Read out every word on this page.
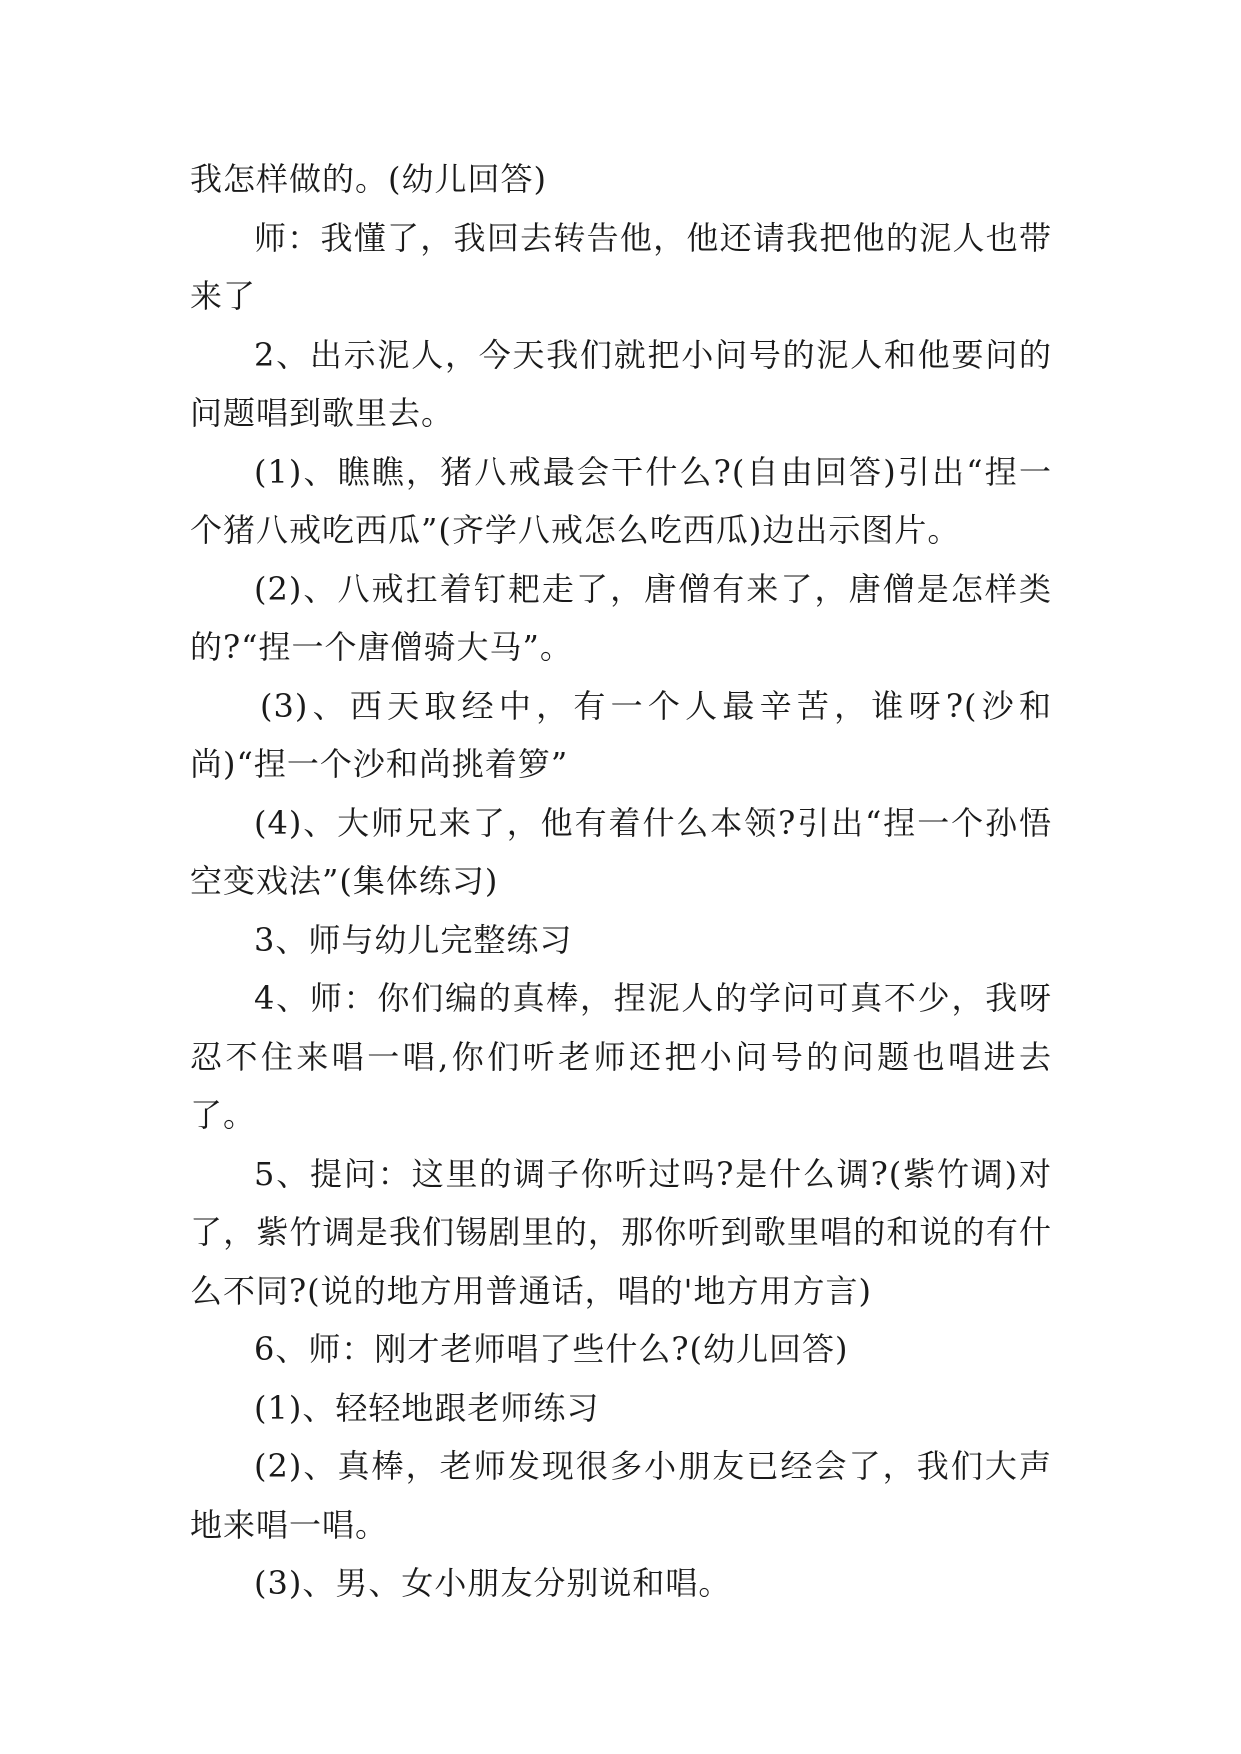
我怎样做的。(幼儿回答)

师：我懂了，我回去转告他，他还请我把他的泥人也带来了

2、出示泥人，今天我们就把小问号的泥人和他要问的问题唱到歌里去。

(1)、瞧瞧，猪八戒最会干什么?(自由回答)引出“捏一个猪八戒吃西瓜”(齐学八戒怎么吃西瓜)边出示图片。

(2)、八戒扛着钉耙走了，唐僧有来了，唐僧是怎样类的?“捏一个唐僧骑大马”。

(3)、西天取经中，有一个人最辛苦，谁呀?(沙和尚)“捏一个沙和尚挑着箩”

(4)、大师兄来了，他有着什么本领?引出“捏一个孙悟空变戏法”(集体练习)

3、师与幼儿完整练习

4、师：你们编的真棒，捏泥人的学问可真不少，我呀忍不住来唱一唱,你们听老师还把小问号的问题也唱进去了。

5、提问：这里的调子你听过吗?是什么调?(紫竹调)对了，紫竹调是我们锡剧里的，那你听到歌里唱的和说的有什么不同?(说的地方用普通话，唱的'地方用方言)

6、师：刚才老师唱了些什么?(幼儿回答)

(1)、轻轻地跟老师练习

(2)、真棒，老师发现很多小朋友已经会了，我们大声地来唱一唱。

(3)、男、女小朋友分别说和唱。
